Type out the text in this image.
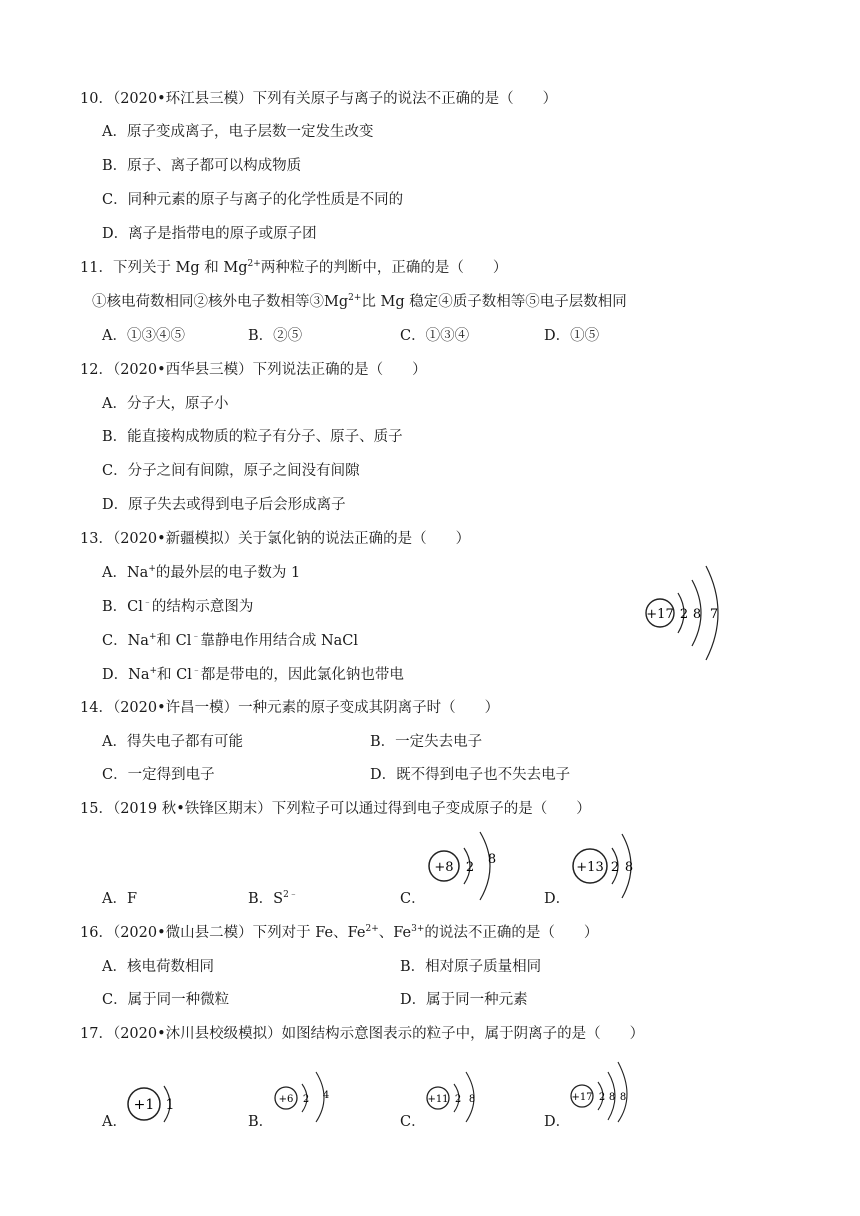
10．（2020•环江县三模）下列有关原子与离子的说法不正确的是（　　）
A．原子变成离子，电子层数一定发生改变
B．原子、离子都可以构成物质
C．同种元素的原子与离子的化学性质是不同的
D．离子是指带电的原子或原子团
11．下列关于 Mg 和 $Mg^{2+}$两种粒子的判断中，正确的是（　　）
①核电荷数相同②核外电子数相等$③Mg^{2+}$比 Mg 稳定④质子数相等⑤电子层数相同
A．①③④⑤	B．②⑤	C．①③④	D．①⑤
12．（2020•西华县三模）下列说法正确的是（　　）
A．分子大，原子小
B．能直接构成物质的粒子有分子、原子、质子
C．分子之间有间隙，原子之间没有间隙
D．原子失去或得到电子后会形成离子
13．（2020•新疆模拟）关于氯化钠的说法正确的是（　　）
A．Na+的最外层的电子数为 1
B．Cl﹣的结构示意图为
C．Na+和 Cl﹣靠静电作用结合成 NaCl
D．Na+和 Cl﹣都是带电的，因此氯化钠也带电
+17 2 8 7
14．（2020•许昌一模）一种元素的原子变成其阴离子时（　　）
A．得失电子都有可能	B．一定失去电子
C．一定得到电子	D．既不得到电子也不失去电子
15．（2019 秋•铁锋区期末）下列粒子可以通过得到电子变成原子的是（　　）
A．F	B．$S^{2﹣}$	C．	D．
+8 2
8
+13 2 8
16．（2020•微山县二模）下列对于 Fe、$Fe^{2+}$、$Fe^{3+}$的说法不正确的是（　　）
A．核电荷数相同	B．相对原子质量相同
C．属于同一种微粒	D．属于同一种元素
17．（2020•沐川县校级模拟）如图结构示意图表示的粒子中，属于阴离子的是（　　）
A．	B．	C．	D．
+1 1	+6 2 4	+11 2 8	+17 2 8 8
